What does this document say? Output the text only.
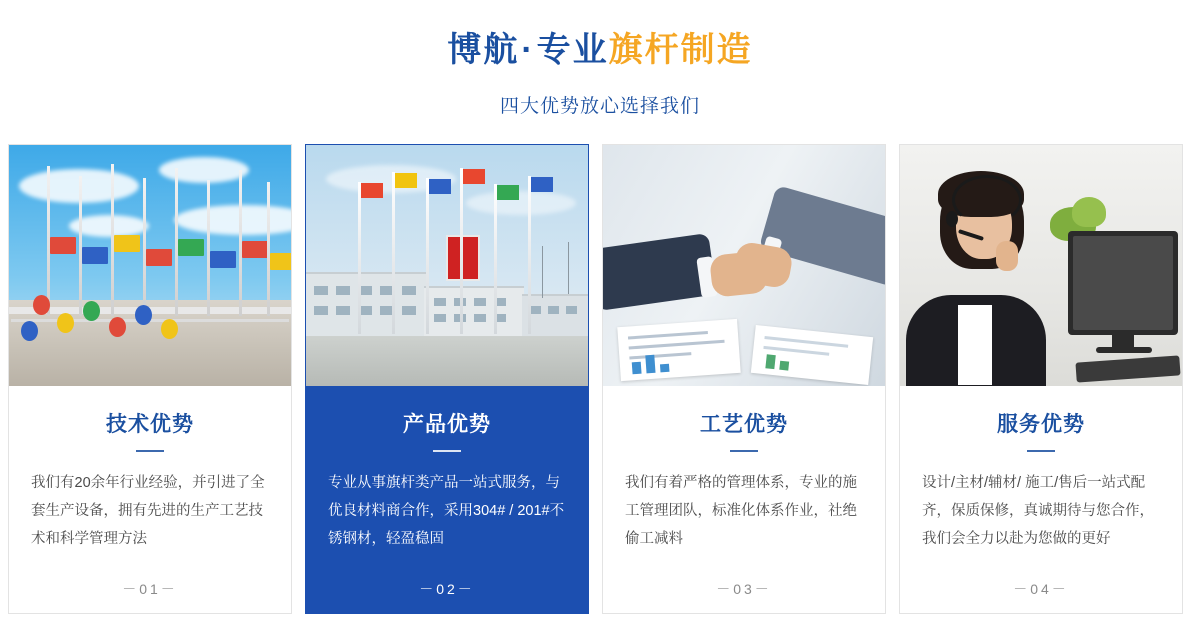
博航·专业旗杆制造
四大优势放心选择我们
技术优势
我们有20余年行业经验，并引进了全套生产设备，拥有先进的生产工艺技术和科学管理方法
－01－
产品优势
专业从事旗杆类产品一站式服务，与优良材料商合作，采用304# / 201#不锈钢材，轻盈稳固
－02－
工艺优势
我们有着严格的管理体系，专业的施工管理团队，标准化体系作业，社绝偷工减料
－03－
服务优势
设计/主材/辅材/ 施工/售后一站式配齐，保质保修，真诚期待与您合作，我们会全力以赴为您做的更好
－04－
